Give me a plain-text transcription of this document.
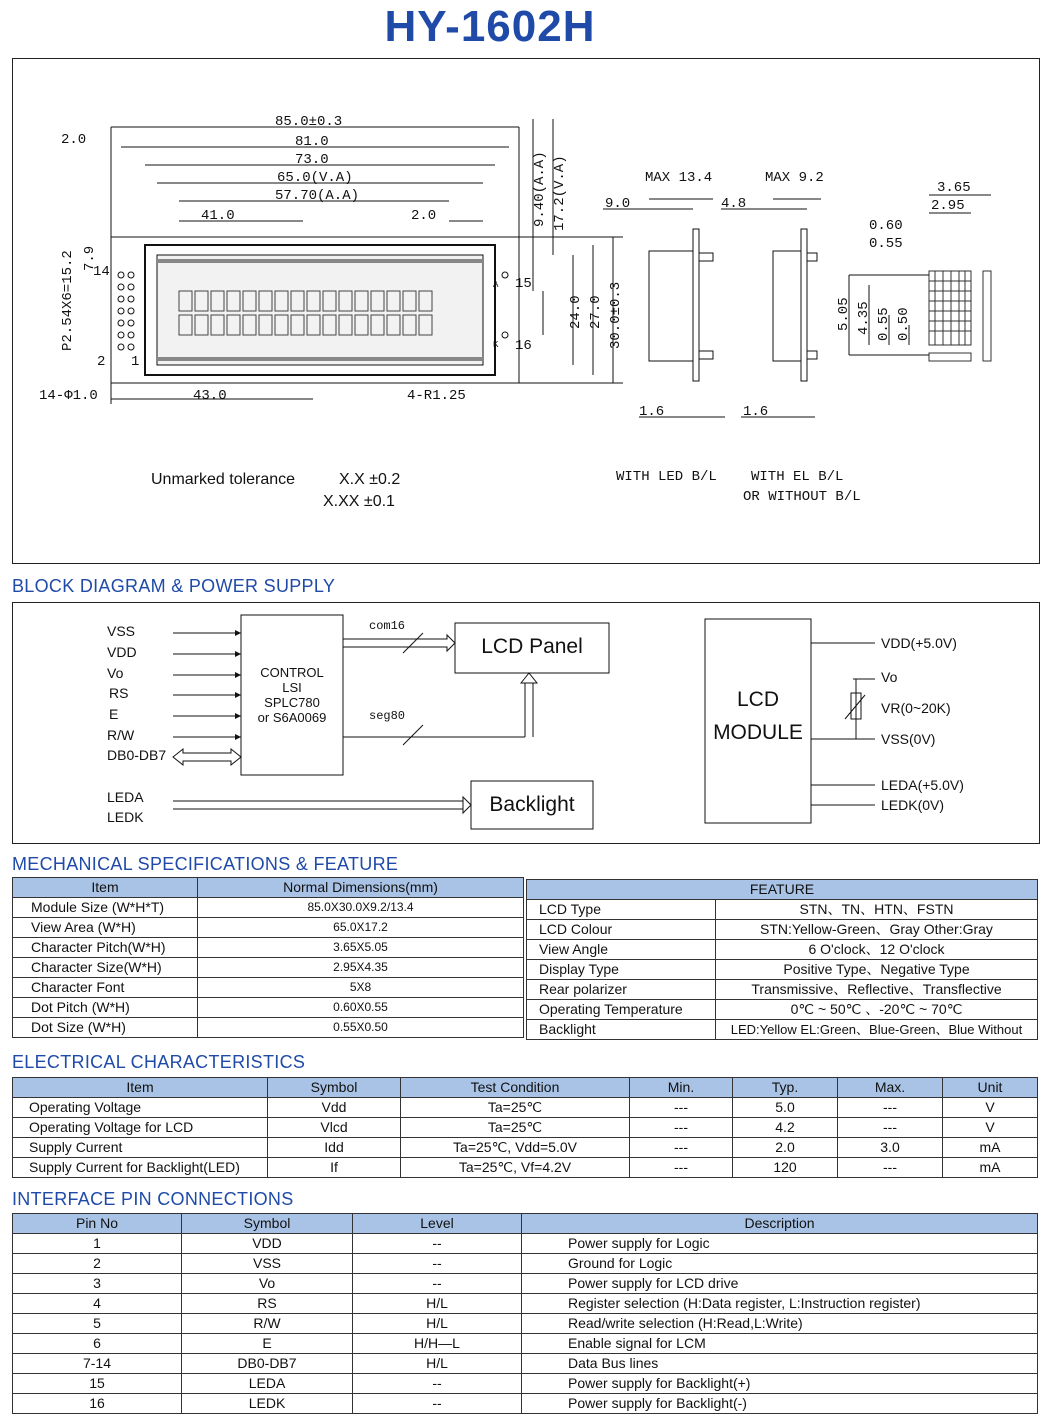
HY-1602H
85.0±0.3
81.0
73.0
65.0(V.A)
57.70(A.A)
41.0	2.0
2.0
9.40(A.A) 17.2(V.A)
7.9
14
P2.54X6=15.2
2 1
15
16
A
K
24.0 27.0 30.0±0.3
14-Φ1.0	43.0	4-R1.25
MAX 13.4	MAX 9.2
9.0	4.8
1.6	1.6
3.65
2.95
0.60
0.55
5.05 4.35 0.55 0.50
Unmarked tolerance	X.X ±0.2
X.XX ±0.1
WITH LED B/L WITH EL B/L
OR WITHOUT B/L
BLOCK DIAGRAM & POWER SUPPLY
VSS
VDD
Vo
RS
E
R/W
DB0-DB7
CONTROL
LSI
SPLC780
or S6A0069
com16
seg80
LCD Panel
LEDA
LEDK
Backlight
LCD
MODULE
VDD(+5.0V)
Vo
VR(0~20K)
VSS(0V)
LEDA(+5.0V)
LEDK(0V)
MECHANICAL SPECIFICATIONS & FEATURE
Item	Normal Dimensions(mm)
Module Size (W*H*T)	85.0X30.0X9.2/13.4
View Area (W*H)	65.0X17.2
Character Pitch(W*H)	3.65X5.05
Character Size(W*H)	2.95X4.35
Character Font	5X8
Dot Pitch (W*H)	0.60X0.55
Dot Size (W*H)	0.55X0.50
FEATURE	
LCD Type	STN、TN、HTN、FSTN
LCD Colour	STN:Yellow-Green、Gray Other:Gray
View Angle	6 O'clock、12 O'clock
Display Type	Positive Type、Negative Type
Rear polarizer	Transmissive、Reflective、Transflective
Operating Temperature	0℃ ~ 50℃ 、-20℃ ~ 70℃
Backlight	LED:Yellow EL:Green、Blue-Green、Blue Without
ELECTRICAL CHARACTERISTICS
Item	Symbol	Test Condition	Min.	Typ.	Max.	Unit
Operating Voltage	Vdd	Ta=25℃	---	5.0	---	V
Operating Voltage for LCD	Vlcd	Ta=25℃	---	4.2	---	V
Supply Current	Idd	Ta=25℃, Vdd=5.0V	---	2.0	3.0	mA
Supply Current for Backlight(LED)	If	Ta=25℃, Vf=4.2V	---	120	---	mA
INTERFACE PIN CONNECTIONS
Pin No	Symbol	Level	Description
1	VDD	--	Power supply for Logic
2	VSS	--	Ground for Logic
3	Vo	--	Power supply for LCD drive
4	RS	H/L	Register selection (H:Data register, L:Instruction register)
5	R/W	H/L	Read/write selection (H:Read,L:Write)
6	E	H/H—L	Enable signal for LCM
7-14	DB0-DB7	H/L	Data Bus lines
15	LEDA	--	Power supply for Backlight(+)
16	LEDK	--	Power supply for Backlight(-)
